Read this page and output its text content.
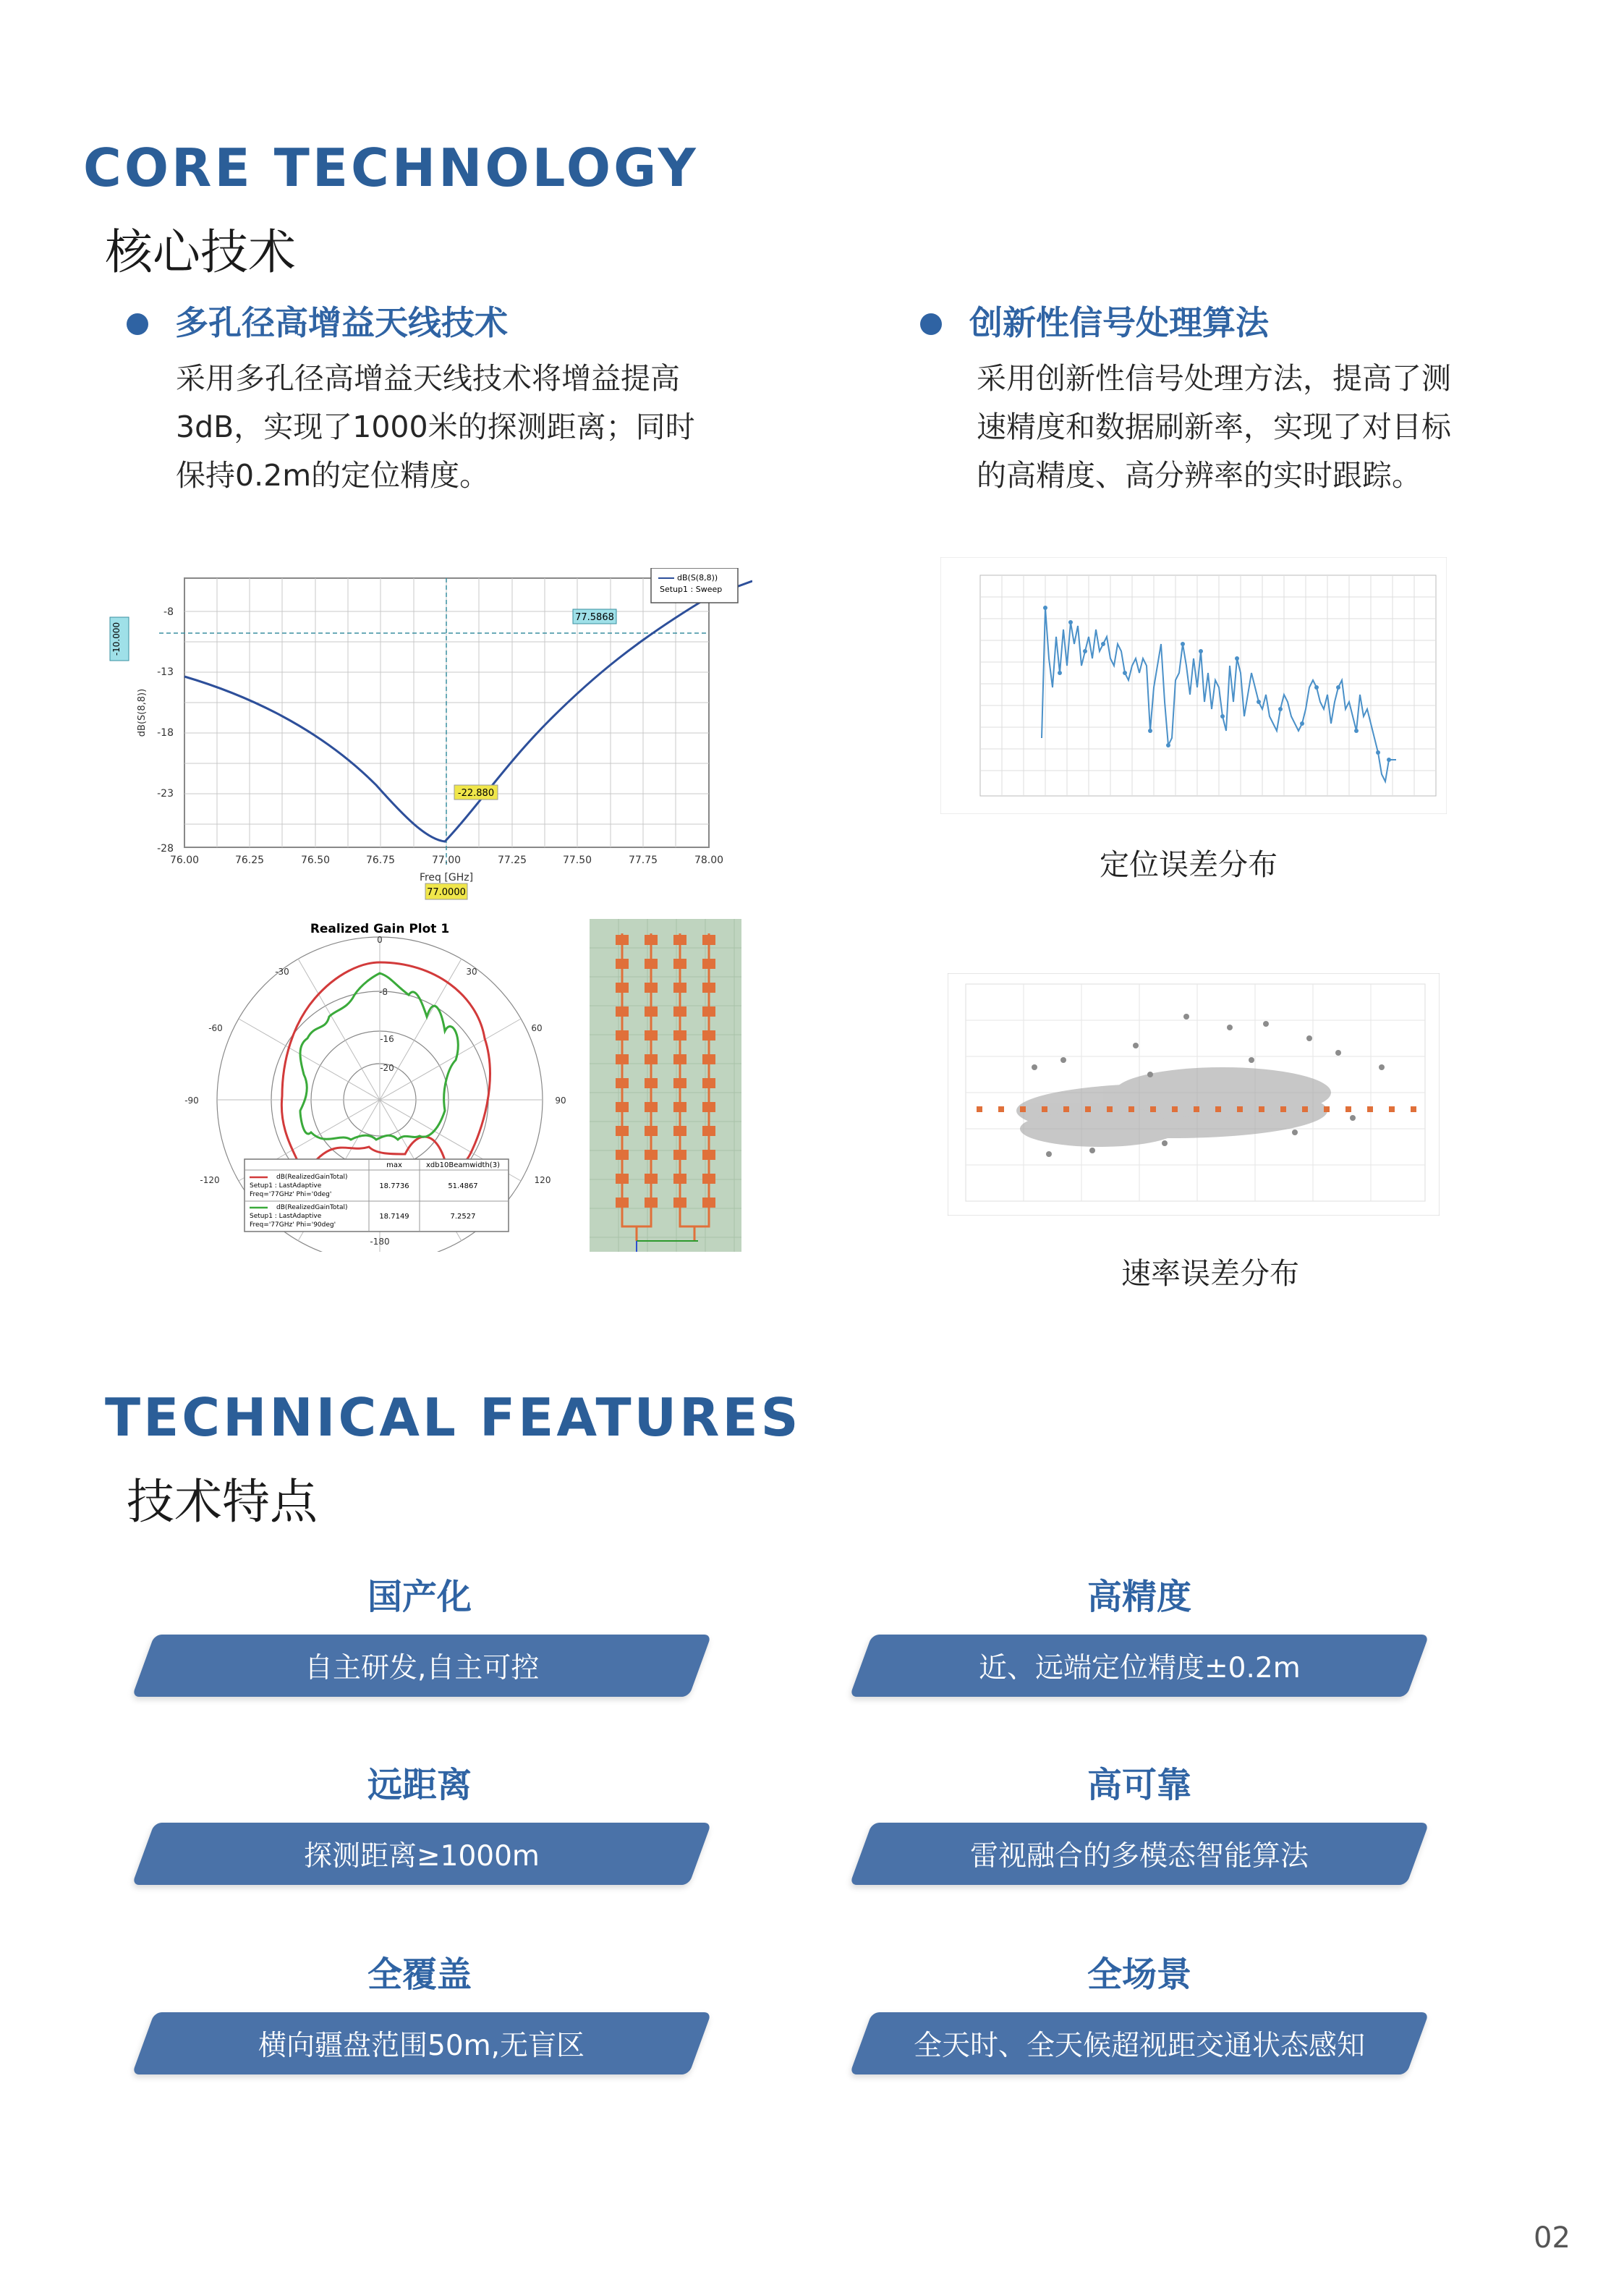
CORE TECHNOLOGY
核心技术
多孔径高增益天线技术
采用多孔径高增益天线技术将增益提高
3dB，实现了1000米的探测距离；同时
保持0.2m的定位精度。
创新性信号处理算法
采用创新性信号处理方法，提高了测
速精度和数据刷新率，实现了对目标
的高精度、高分辨率的实时跟踪。
dB(S(8,8))
Setup1 : Sweep
-8
-13
-18
-23
-28
76.00	76.25	76.50	76.75	77.00	77.25	77.50	77.75	78.00
Freq [GHz]
dB(S(8,8))
-10.000
77.0000
77.5868
-22.880
定位误差分布
Realized Gain Plot 1
0
30
60
90
120
-180
-120
-90
-60
-30
-8
-16
-20
max	xdb10Beamwidth(3)
dB(RealizedGainTotal)
Setup1 : LastAdaptive
Freq='77GHz' Phi='0deg'
18.7736	51.4867
dB(RealizedGainTotal)
Setup1 : LastAdaptive
Freq='77GHz' Phi='90deg'
18.7149	7.2527
速率误差分布
TECHNICAL FEATURES
技术特点
国产化
自主研发,自主可控
远距离
探测距离≥1000m
全覆盖
横向疆盘范围50m,无盲区
高精度
近、远端定位精度±0.2m
高可靠
雷视融合的多模态智能算法
全场景
全天时、全天候超视距交通状态感知
02
